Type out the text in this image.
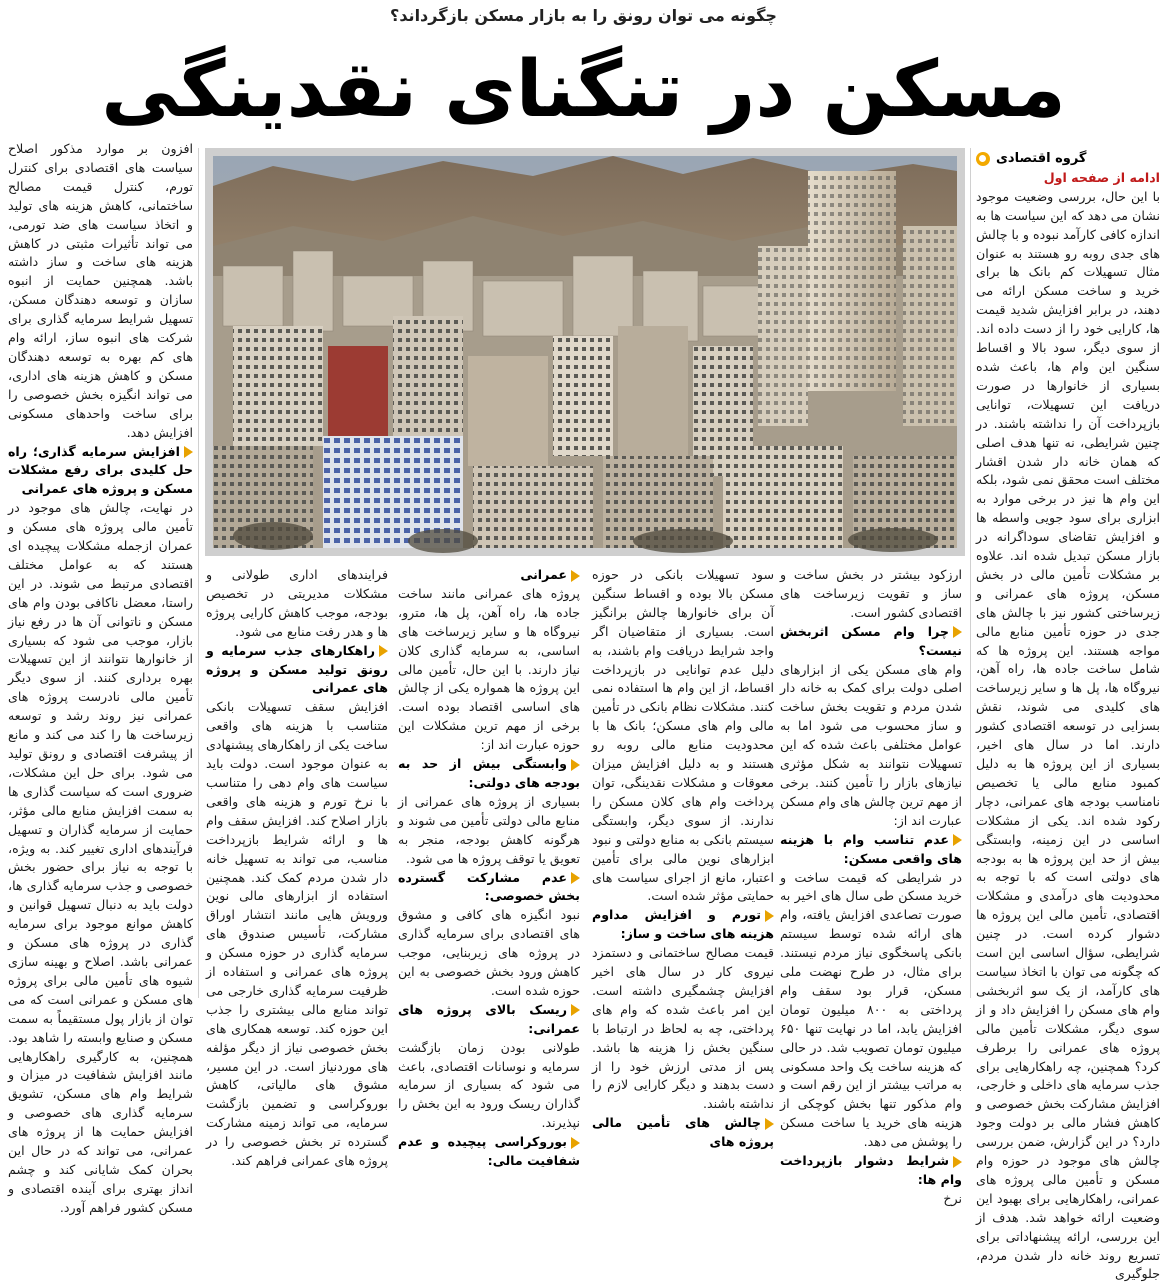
چگونه می توان رونق را به بازار مسکن بازگرداند؟
مسکن در تنگنای نقدینگی
گروه اقتصادی
ادامه از صفحه اول

با این حال، بررسی وضعیت موجود نشان می دهد که این سیاست ها به اندازه کافی کارآمد نبوده و با چالش های جدی روبه رو هستند به عنوان مثال تسهیلات کم بانک ها برای خرید و ساخت مسکن ارائه می دهند، در برابر افزایش شدید قیمت ها، کارایی خود را از دست داده اند. از سوی دیگر، سود بالا و اقساط سنگین این وام ها، باعث شده بسیاری از خانوارها در صورت دریافت این تسهیلات، توانایی بازپرداخت آن را نداشته باشند. در چنین شرایطی، نه تنها هدف اصلی که همان خانه دار شدن اقشار مختلف است محقق نمی شود، بلکه این وام ها نیز در برخی موارد به ابزاری برای سود جویی واسطه ها و افزایش تقاضای سوداگرانه در بازار مسکن تبدیل شده اند. علاوه بر مشکلات تأمین مالی در بخش مسکن، پروژه های عمرانی و زیرساختی کشور نیز با چالش های جدی در حوزه تأمین منابع مالی مواجه هستند. این پروژه ها که شامل ساخت جاده ها، راه آهن، نیروگاه ها، پل ها و سایر زیرساخت های کلیدی می شوند، نقش بسزایی در توسعه اقتصادی کشور دارند. اما در سال های اخیر، بسیاری از این پروژه ها به دلیل کمبود منابع مالی یا تخصیص نامناسب بودجه های عمرانی، دچار رکود شده اند. یکی از مشکلات اساسی در این زمینه، وابستگی بیش از حد این پروژه ها به بودجه های دولتی است که با توجه به محدودیت های درآمدی و مشکلات اقتصادی، تأمین مالی این پروژه ها دشوار کرده است. در چنین شرایطی، سؤال اساسی این است که چگونه می توان با اتخاذ سیاست های کارآمد، از یک سو اثربخشی وام های مسکن را افزایش داد و از سوی دیگر، مشکلات تأمین مالی پروژه های عمرانی را برطرف کرد؟ همچنین، چه راهکارهایی برای جذب سرمایه های داخلی و خارجی، افزایش مشارکت بخش خصوصی و کاهش فشار مالی بر دولت وجود دارد؟ در این گزارش، ضمن بررسی چالش های موجود در حوزه وام مسکن و تأمین مالی پروژه های عمرانی، راهکارهایی برای بهبود این وضعیت ارائه خواهد شد. هدف از این بررسی، ارائه پیشنهاداتی برای تسریع روند خانه دار شدن مردم، جلوگیری

افزون بر موارد مذکور اصلاح سیاست های اقتصادی برای کنترل تورم، کنترل قیمت مصالح ساختمانی، کاهش هزینه های تولید و اتخاذ سیاست های ضد تورمی، می تواند تأثیرات مثبتی در کاهش هزینه های ساخت و ساز داشته باشد. همچنین حمایت از انبوه سازان و توسعه دهندگان مسکن، تسهیل شرایط سرمایه گذاری برای شرکت های انبوه ساز، ارائه وام های کم بهره به توسعه دهندگان مسکن و کاهش هزینه های اداری، می تواند انگیزه بخش خصوصی را برای ساخت واحدهای مسکونی افزایش دهد.

افزایش سرمایه گذاری؛ راه حل کلیدی برای رفع مشکلات مسکن و پروژه های عمرانی

در نهایت، چالش های موجود در تأمین مالی پروژه های مسکن و عمران ازجمله مشکلات پیچیده ای هستند که به عوامل مختلف اقتصادی مرتبط می شوند. در این راستا، معضل ناکافی بودن وام های مسکن و ناتوانی آن ها در رفع نیاز بازار، موجب می شود که بسیاری از خانوارها نتوانند از این تسهیلات بهره برداری کنند. از سوی دیگر تأمین مالی نادرست پروژه های عمرانی نیز روند رشد و توسعه زیرساخت ها را کند می کند و مانع از پیشرفت اقتصادی و رونق تولید می شود. برای حل این مشکلات، ضروری است که سیاست گذاری ها به سمت افزایش منابع مالی مؤثر، حمایت از سرمایه گذاران و تسهیل فرآیندهای اداری تغییر کند. به ویژه، با توجه به نیاز برای حضور بخش خصوصی و جذب سرمایه گذاری ها، دولت باید به دنبال تسهیل قوانین و کاهش موانع موجود برای سرمایه گذاری در پروژه های مسکن و عمرانی باشد. اصلاح و بهینه سازی شیوه های تأمین مالی برای پروژه های مسکن و عمرانی است که می توان از بازار پول مستقیماً به سمت مسکن و صنایع وابسته را شاهد بود. همچنین، به کارگیری راهکارهایی مانند افزایش شفافیت در میزان و شرایط وام های مسکن، تشویق سرمایه گذاری های خصوصی و افزایش حمایت ها از پروژه های عمرانی، می تواند که در حال این بحران کمک شایانی کند و چشم انداز بهتری برای آینده اقتصادی و مسکن کشور فراهم آورد.

ارزکود بیشتر در بخش ساخت و ساز و تقویت زیرساخت های اقتصادی کشور است.

چرا وام مسکن اثربخش نیست؟

وام های مسکن یکی از ابزارهای اصلی دولت برای کمک به خانه دار شدن مردم و تقویت بخش ساخت و ساز محسوب می شود اما به عوامل مختلفی باعث شده که این تسهیلات نتوانند به شکل مؤثری نیازهای بازار را تأمین کنند. برخی از مهم ترین چالش های وام مسکن عبارت اند از:

عدم تناسب وام با هزینه های واقعی مسکن:

در شرایطی که قیمت ساخت و خرید مسکن طی سال های اخیر به صورت تصاعدی افزایش یافته، وام های ارائه شده توسط سیستم بانکی پاسخگوی نیاز مردم نیستند. برای مثال، در طرح نهضت ملی مسکن، قرار بود سقف وام پرداختی به ۸۰۰ میلیون تومان افزایش یابد، اما در نهایت تنها ۶۵۰ میلیون تومان تصویب شد. در حالی که هزینه ساخت یک واحد مسکونی به مراتب بیشتر از این رقم است و وام مذکور تنها بخش کوچکی از هزینه های خرید یا ساخت مسکن را پوشش می دهد.

شرایط دشوار بازپرداخت وام ها:

نرخ

سود تسهیلات بانکی در حوزه مسکن بالا بوده و اقساط سنگین آن برای خانوارها چالش برانگیز است. بسیاری از متقاضیان اگر واجد شرایط دریافت وام باشند، به دلیل عدم توانایی در بازپرداخت اقساط، از این وام ها استفاده نمی کنند. مشکلات نظام بانکی در تأمین مالی وام های مسکن؛ بانک ها با محدودیت منابع مالی روبه رو هستند و به دلیل افزایش میزان معوقات و مشکلات نقدینگی، توان پرداخت وام های کلان مسکن را ندارند. از سوی دیگر، وابستگی سیستم بانکی به منابع دولتی و نبود ابزارهای نوین مالی برای تأمین اعتبار، مانع از اجرای سیاست های حمایتی مؤثر شده است.

تورم و افزایش مداوم هزینه های ساخت و ساز:

قیمت مصالح ساختمانی و دستمزد نیروی کار در سال های اخیر افزایش چشمگیری داشته است. این امر باعث شده که وام های پرداختی، چه به لحاظ در ارتباط با سنگین بخش زا هزینه ها باشد. پس از مدتی ارزش خود را از دست بدهند و دیگر کارایی لازم را نداشته باشند.

چالش های تأمین مالی پروژه های
عمرانی

پروژه های عمرانی مانند ساخت جاده ها، راه آهن، پل ها، مترو، نیروگاه ها و سایر زیرساخت های اساسی، به سرمایه گذاری کلان نیاز دارند. با این حال، تأمین مالی این پروژه ها همواره یکی از چالش های اساسی اقتصاد بوده است. برخی از مهم ترین مشکلات این حوزه عبارت اند از:

وابستگی بیش از حد به بودجه های دولتی:

بسیاری از پروژه های عمرانی از منابع مالی دولتی تأمین می شوند و هرگونه کاهش بودجه، منجر به تعویق یا توقف پروژه ها می شود.

عدم مشارکت گسترده بخش خصوصی:

نبود انگیزه های کافی و مشوق های اقتصادی برای سرمایه گذاری در پروژه های زیربنایی، موجب کاهش ورود بخش خصوصی به این حوزه شده است.

ریسک بالای پروژه های عمرانی:

طولانی بودن زمان بازگشت سرمایه و نوسانات اقتصادی، باعث می شود که بسیاری از سرمایه گذاران ریسک ورود به این بخش را نپذیرند.

بوروکراسی پیچیده و عدم شفافیت مالی:

فرایندهای اداری طولانی و مشکلات مدیریتی در تخصیص بودجه، موجب کاهش کارایی پروژه ها و هدر رفت منابع می شود.

راهکارهای جذب سرمایه و رونق تولید مسکن و پروژه های عمرانی

افزایش سقف تسهیلات بانکی متناسب با هزینه های واقعی ساخت یکی از راهکارهای پیشنهادی به عنوان موجود است. دولت باید سیاست های وام دهی را متناسب با نرخ تورم و هزینه های واقعی بازار اصلاح کند. افزایش سقف وام ها و ارائه شرایط بازپرداخت مناسب، می تواند به تسهیل خانه دار شدن مردم کمک کند. همچنین استفاده از ابزارهای مالی نوین ورویش هایی مانند انتشار اوراق مشارکت، تأسیس صندوق های سرمایه گذاری در حوزه مسکن و پروژه های عمرانی و استفاده از ظرفیت سرمایه گذاری خارجی می تواند منابع مالی بیشتری را جذب این حوزه کند. توسعه همکاری های بخش خصوصی نیاز از دیگر مؤلفه های موردنیاز است. در این مسیر، مشوق های مالیاتی، کاهش بوروکراسی و تضمین بازگشت سرمایه، می تواند زمینه مشارکت گسترده تر بخش خصوصی را در پروژه های عمرانی فراهم کند.
